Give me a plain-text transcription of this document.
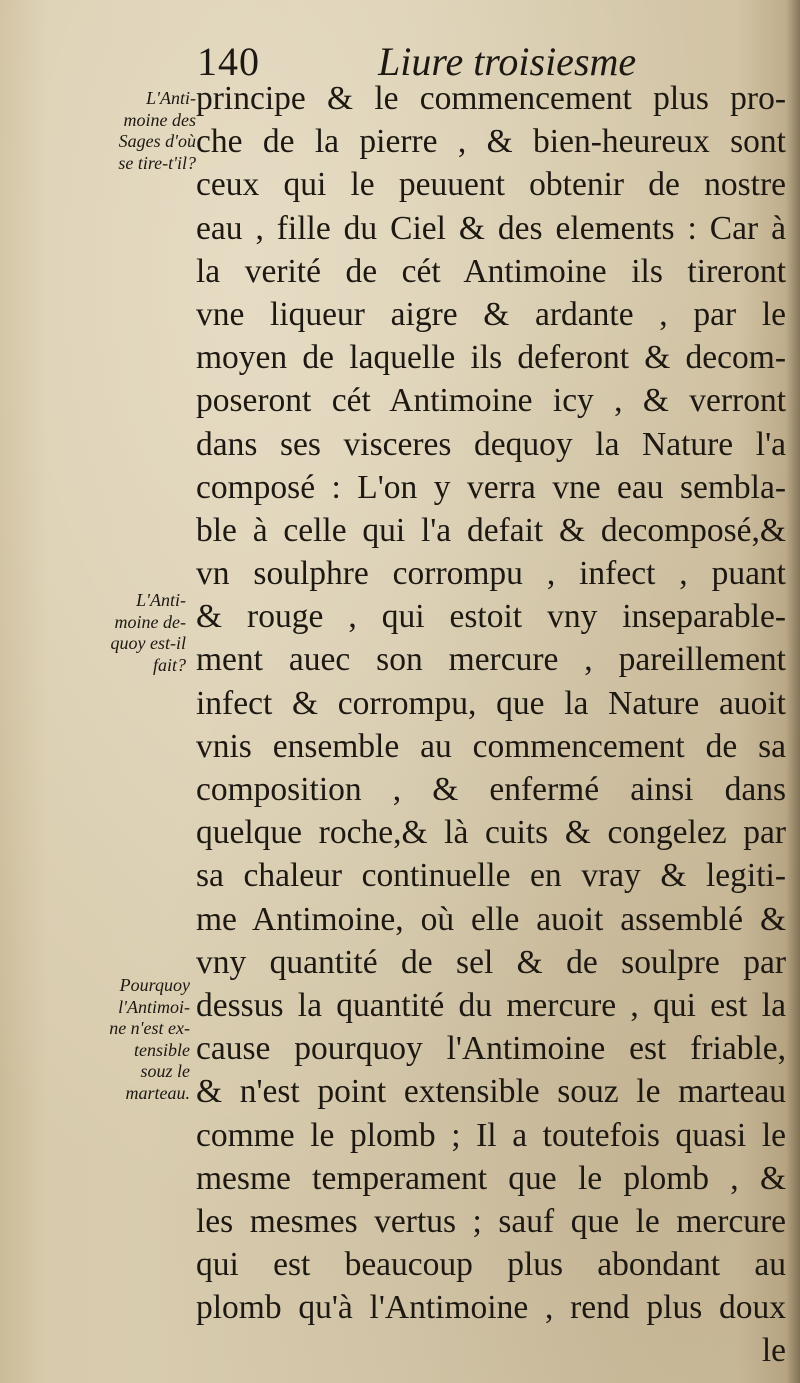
140	Liure troisiesme
L'Anti-
moine des
Sages d'où
se tire-t'il?
L'Anti-
moine de-
quoy est-il
fait?
Pourquoy
l'Antimoi-
ne n'est ex-
tensible
souz le
marteau.
principe & le commencement plus pro-
che de la pierre , & bien-heureux sont
ceux qui le peuuent obtenir de nostre
eau , fille du Ciel & des elements : Car à
la verité de cét Antimoine ils tireront
vne liqueur aigre & ardante , par le
moyen de laquelle ils deferont & decom-
poseront cét Antimoine icy , & verront
dans ses visceres dequoy la Nature l'a
composé : L'on y verra vne eau sembla-
ble à celle qui l'a defait & decomposé,&
vn soulphre corrompu , infect , puant
& rouge , qui estoit vny inseparable-
ment auec son mercure , pareillement
infect & corrompu, que la Nature auoit
vnis ensemble au commencement de sa
composition , & enfermé ainsi dans
quelque roche,& là cuits & congelez par
sa chaleur continuelle en vray & legiti-
me Antimoine, où elle auoit assemblé &
vny quantité de sel & de soulpre par
dessus la quantité du mercure , qui est la
cause pourquoy l'Antimoine est friable,
& n'est point extensible souz le marteau
comme le plomb ; Il a toutefois quasi le
mesme temperament que le plomb , &
les mesmes vertus ; sauf que le mercure
qui est beaucoup plus abondant au
plomb qu'à l'Antimoine , rend plus doux
le
